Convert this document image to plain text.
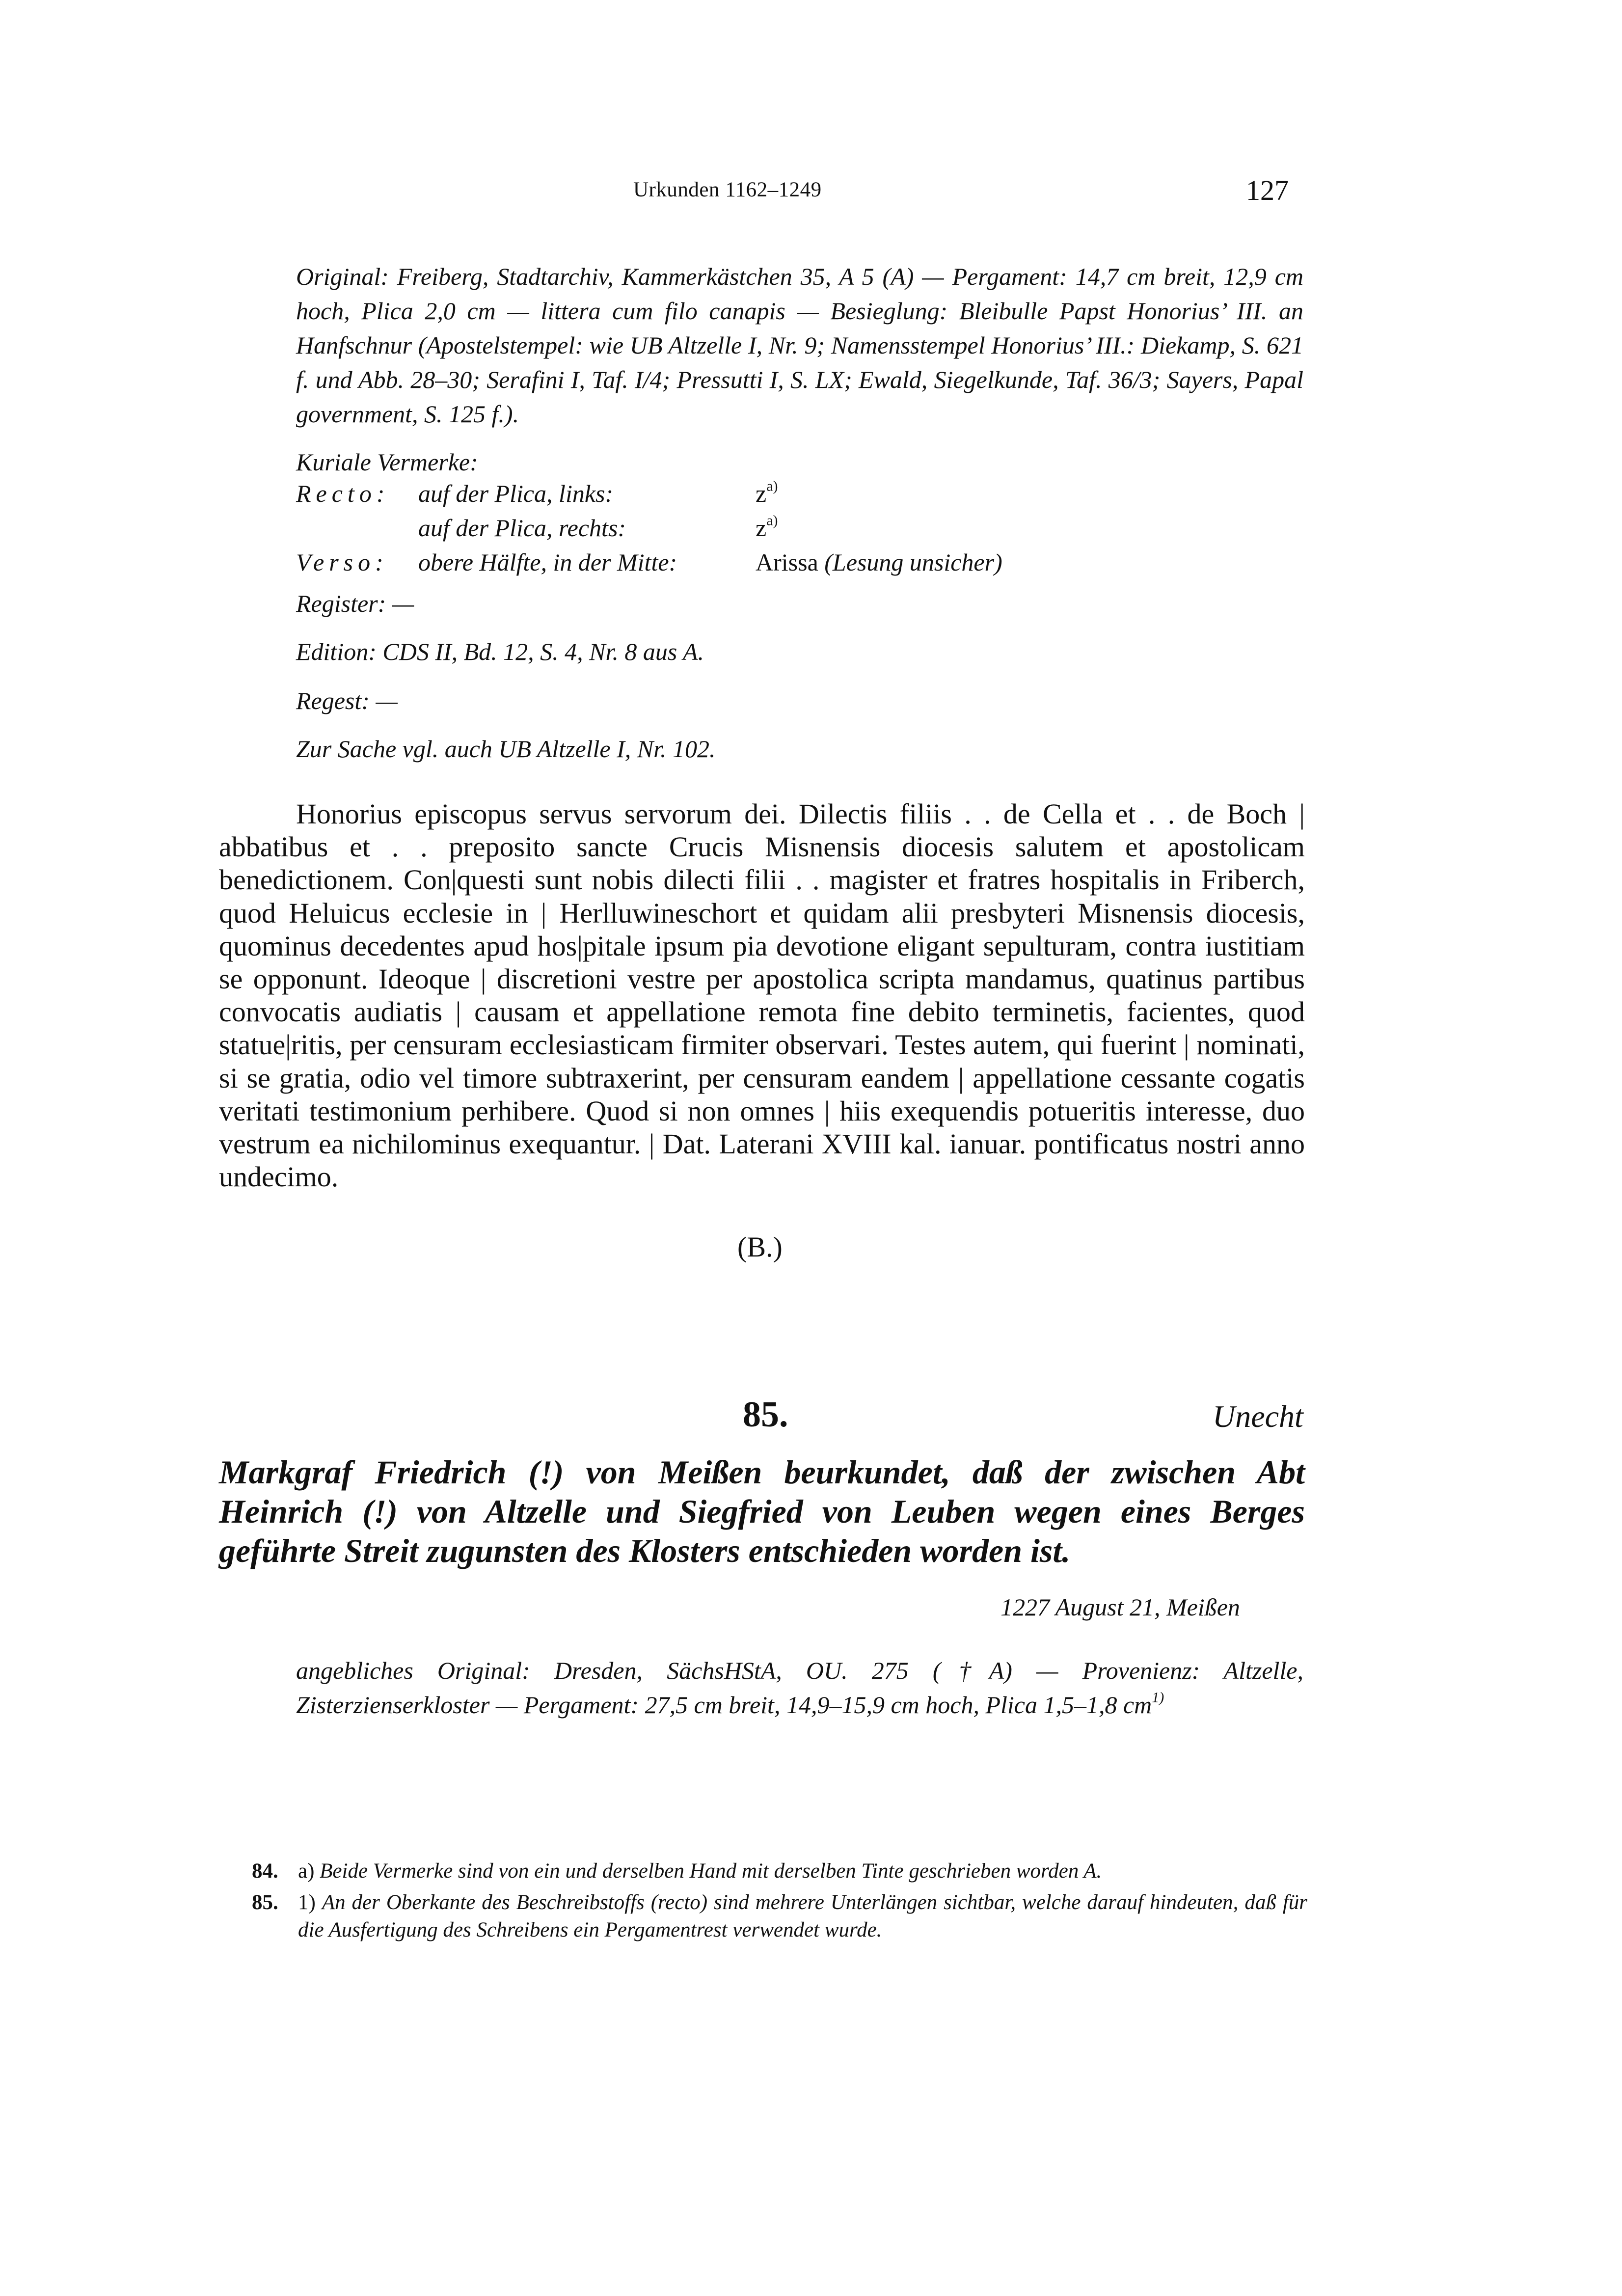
Urkunden 1162–1249	127

Original: Freiberg, Stadtarchiv, Kammerkästchen 35, A 5 (A) — Pergament: 14,7 cm breit, 12,9 cm hoch, Plica 2,0 cm — littera cum filo canapis — Besieglung: Bleibulle Papst Honorius’ III. an Hanfschnur (Apostelstempel: wie UB Altzelle I, Nr. 9; Namensstempel Honorius’ III.: Diekamp, S. 621 f. und Abb. 28–30; Serafini I, Taf. I/4; Pressutti I, S. LX; Ewald, Siegelkunde, Taf. 36/3; Sayers, Papal government, S. 125 f.).

Kuriale Vermerke:

Recto: auf der Plica, links:	$z^{a)}$
auf der Plica, rechts:	$z^{a)}$
Verso: obere Hälfte, in der Mitte:	Arissa (Lesung unsicher)

Register: —

Edition: CDS II, Bd. 12, S. 4, Nr. 8 aus A.

Regest: —

Zur Sache vgl. auch UB Altzelle I, Nr. 102.

Honorius episcopus servus servorum dei. Dilectis filiis . . de Cella et . . de Boch | abbatibus et . . preposito sancte Crucis Misnensis diocesis salutem et apostolicam benedictionem. Con|questi sunt nobis dilecti filii . . magister et fratres hospitalis in Friberch, quod Heluicus ecclesie in | Herlluwineschort et quidam alii presbyteri Misnensis diocesis, quominus decedentes apud hos|pitale ipsum pia devotione eligant sepulturam, contra iustitiam se opponunt. Ideoque | discretioni vestre per apostolica scripta mandamus, quatinus partibus convocatis audiatis | causam et appellatione remota fine debito terminetis, facientes, quod statue|ritis, per censuram ecclesiasticam firmiter observari. Testes autem, qui fuerint | nominati, si se gratia, odio vel timore subtraxerint, per censuram eandem | appellatione cessante cogatis veritati testimonium perhibere. Quod si non omnes | hiis exequendis potueritis interesse, duo vestrum ea nichilominus exequantur. | Dat. Laterani XVIII kal. ianuar. pontificatus nostri anno undecimo.

(B.)
85.	Unecht

Markgraf Friedrich (!) von Meißen beurkundet, daß der zwischen Abt Heinrich (!) von Altzelle und Siegfried von Leuben wegen eines Berges geführte Streit zugunsten des Klosters entschieden worden ist.

1227 August 21, Meißen

angebliches Original: Dresden, SächsHStA, OU. 275 (†A) — Provenienz: Altzelle, Zisterzienserkloster — Pergament: 27,5 cm breit, 14,9–15,9 cm hoch, Plica 1,5–1,8 $cm^{1)}$

84. a) Beide Vermerke sind von ein und derselben Hand mit derselben Tinte geschrieben worden A.

85. 1) An der Oberkante des Beschreibstoffs (recto) sind mehrere Unterlängen sichtbar, welche darauf hindeuten, daß für die Ausfertigung des Schreibens ein Pergamentrest verwendet wurde.
